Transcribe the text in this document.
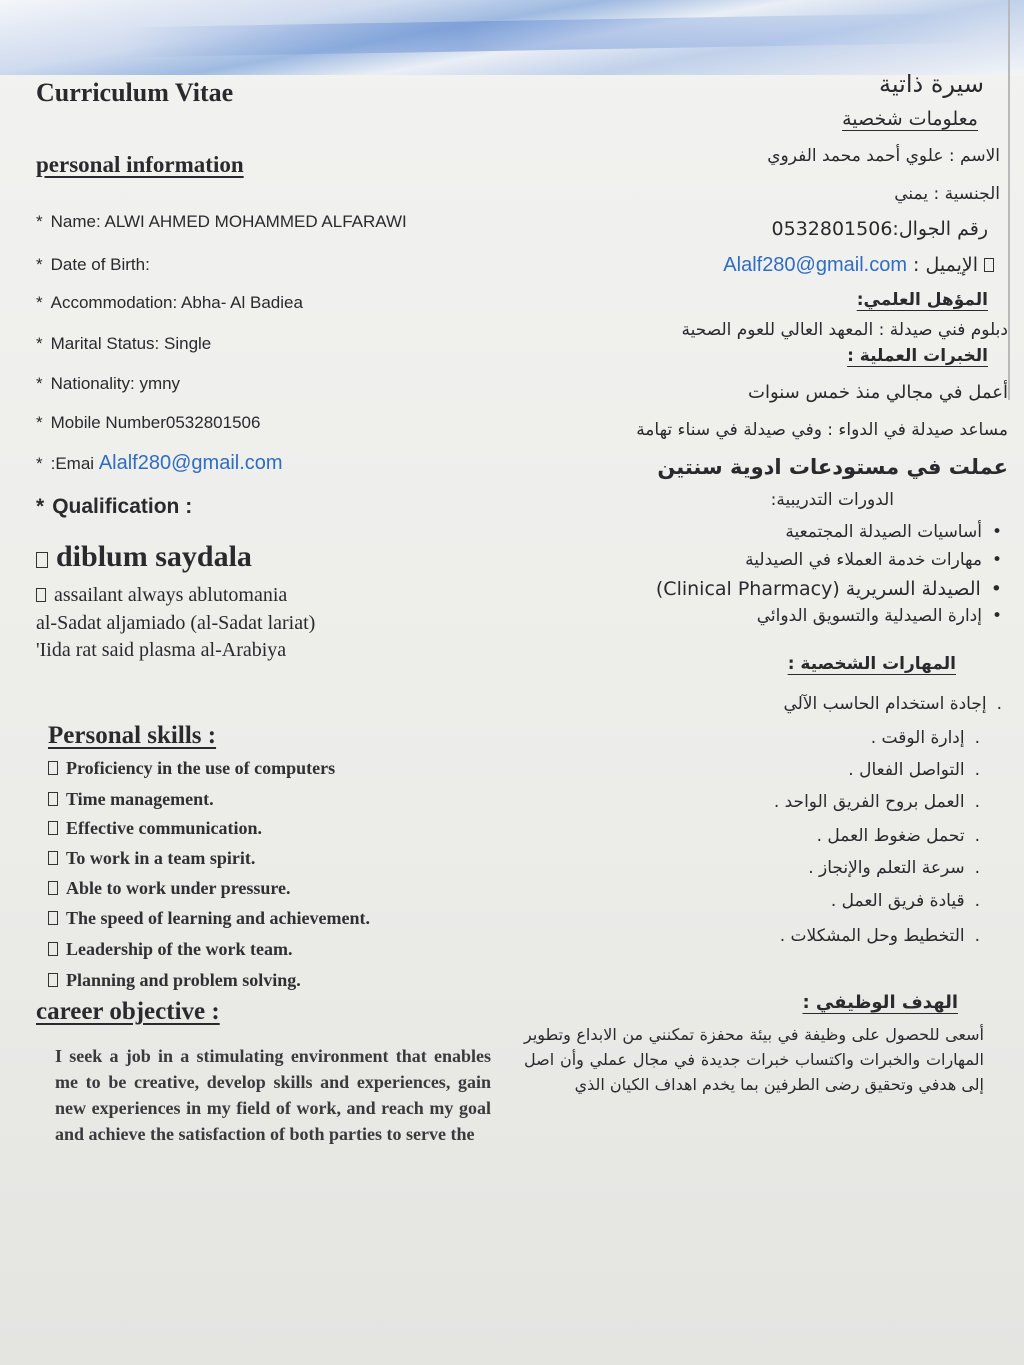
Curriculum Vitae
personal information
* Name: ALWI AHMED MOHAMMED ALFARAWI
* Date of Birth:
* Accommodation: Abha- Al Badiea
* Marital Status: Single
* Nationality: ymny
* Mobile Number0532801506
* :Emai Alalf280@gmail.com
* Qualification :
diblum saydala
assailant always ablutomania
al-Sadat aljamiado (al-Sadat lariat)
'Iida rat said plasma al-Arabiya
Personal skills :
Proficiency in the use of computers
Time management.
Effective communication.
To work in a team spirit.
Able to work under pressure.
The speed of learning and achievement.
Leadership of the work team.
Planning and problem solving.
career objective :
I seek a job in a stimulating environment that enables me to be creative, develop skills and experiences, gain new experiences in my field of work, and reach my goal and achieve the satisfaction of both parties to serve the
سيرة ذاتية
معلومات شخصية
الاسم : علوي أحمد محمد الفروي
الجنسية : يمني
رقم الجوال:0532801506
الإيميل : Alalf280@gmail.com
المؤهل العلمي:
دبلوم فني صيدلة : المعهد العالي للعوم الصحية
الخبرات العملية :
أعمل في مجالي منذ خمس سنوات
مساعد صيدلة في الدواء : وفي صيدلة في سناء تهامة
عملت في مستودعات ادوية سنتين
الدورات التدريبية:
•أساسيات الصيدلة المجتمعية
•مهارات خدمة العملاء في الصيدلية
•الصيدلة السريرية (Clinical Pharmacy)
•إدارة الصيدلية والتسويق الدوائي
المهارات الشخصية :
.إجادة استخدام الحاسب الآلي
.إدارة الوقت .
.التواصل الفعال .
.العمل بروح الفريق الواحد .
.تحمل ضغوط العمل .
.سرعة التعلم والإنجاز .
.قيادة فريق العمل .
.التخطيط وحل المشكلات .
الهدف الوظيفي :
أسعى للحصول على وظيفة في بيئة محفزة تمكنني من الابداع وتطوير المهارات والخبرات واكتساب خبرات جديدة في مجال عملي وأن اصل إلى هدفي وتحقيق رضى الطرفين بما يخدم اهداف الكيان الذي
